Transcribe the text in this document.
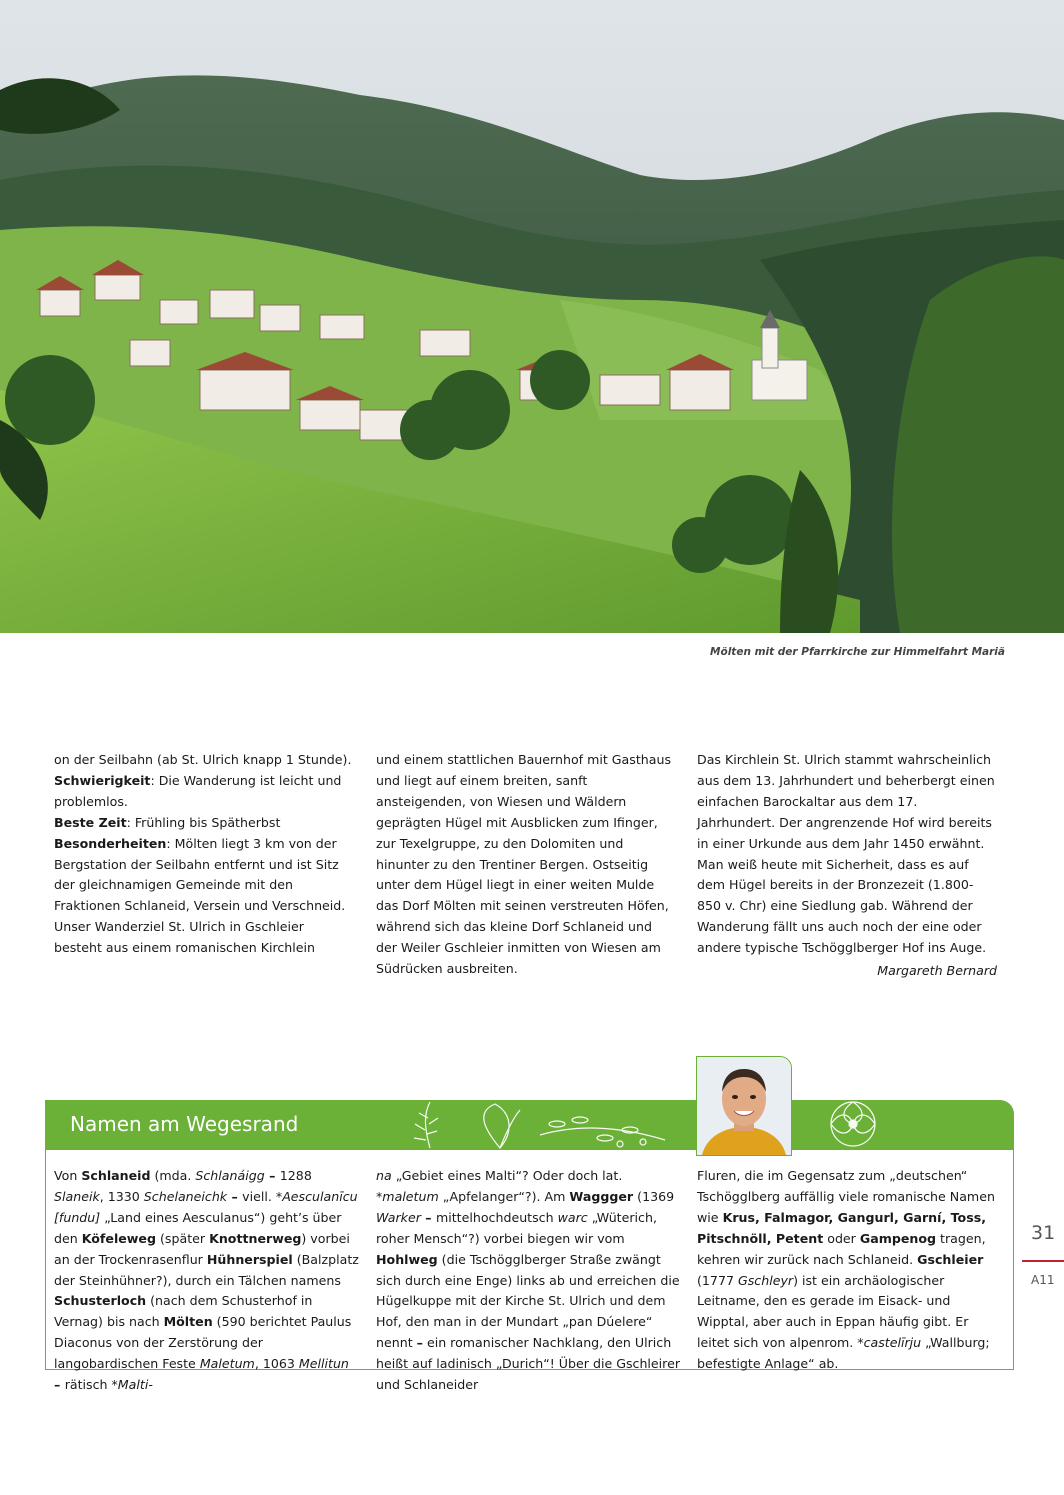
Mölten mit der Pfarrkirche zur Himmelfahrt Mariä

on der Seilbahn (ab St. Ulrich knapp 1 Stunde).

Schwierigkeit: Die Wanderung ist leicht und problemlos.

Beste Zeit: Frühling bis Spätherbst

Besonderheiten: Mölten liegt 3 km von der Bergstation der Seilbahn entfernt und ist Sitz der gleichnamigen Gemeinde mit den Fraktionen Schlaneid, Versein und Verschneid. Unser Wanderziel St. Ulrich in Gschleier besteht aus einem romanischen Kirchlein

und einem stattlichen Bauernhof mit Gasthaus und liegt auf einem breiten, sanft ansteigenden, von Wiesen und Wäldern geprägten Hügel mit Ausblicken zum Ifinger, zur Texelgruppe, zu den Dolomiten und hinunter zu den Trentiner Bergen. Ostseitig unter dem Hügel liegt in einer weiten Mulde das Dorf Mölten mit seinen verstreuten Höfen, während sich das kleine Dorf Schlaneid und der Weiler Gschleier inmitten von Wiesen am Südrücken ausbreiten.

Das Kirchlein St. Ulrich stammt wahrscheinlich aus dem 13. Jahrhundert und beherbergt einen einfachen Barockaltar aus dem 17. Jahrhundert. Der angrenzende Hof wird bereits in einer Urkunde aus dem Jahr 1450 erwähnt. Man weiß heute mit Sicherheit, dass es auf dem Hügel bereits in der Bronzezeit (1.800-850 v. Chr) eine Siedlung gab. Während der Wanderung fällt uns auch noch der eine oder andere typische Tschögglberger Hof ins Auge.

Margareth Bernard

Namen am Wegesrand

Von Schlaneid (mda. Schlanáigg – 1288 Slaneik, 1330 Schelaneichk – viell. *Aesculanīcu [fundu] „Land eines Aesculanus“) geht’s über den Köfeleweg (später Knottnerweg) vorbei an der Trockenrasenflur Hühnerspiel (Balzplatz der Steinhühner?), durch ein Tälchen namens Schusterloch (nach dem Schusterhof in Vernag) bis nach Mölten (590 berichtet Paulus Diaconus von der Zerstörung der langobardischen Feste Maletum, 1063 Mellitun – rätisch *Malti-

na „Gebiet eines Malti“? Oder doch lat. *maletum „Apfelanger“?). Am Waggger (1369 Warker – mittelhochdeutsch warc „Wüterich, roher Mensch“?) vorbei biegen wir vom Hohlweg (die Tschögglberger Straße zwängt sich durch eine Enge) links ab und erreichen die Hügelkuppe mit der Kirche St. Ulrich und dem Hof, den man in der Mundart „pan Dúelere“ nennt – ein romanischer Nachklang, den Ulrich heißt auf ladinisch „Durich“! Über die Gschleirer und Schlaneider

Fluren, die im Gegensatz zum „deutschen“ Tschögglberg auffällig viele romanische Namen wie Krus, Falmagor, Gangurl, Garní, Toss, Pitschnöll, Petent oder Gampenog tragen, kehren wir zurück nach Schlaneid. Gschleier (1777 Gschleyr) ist ein archäologischer Leitname, den es gerade im Eisack- und Wipptal, aber auch in Eppan häufig gibt. Er leitet sich von alpenrom. *castelīrju „Wallburg; befestigte Anlage“ ab.

31
A11
